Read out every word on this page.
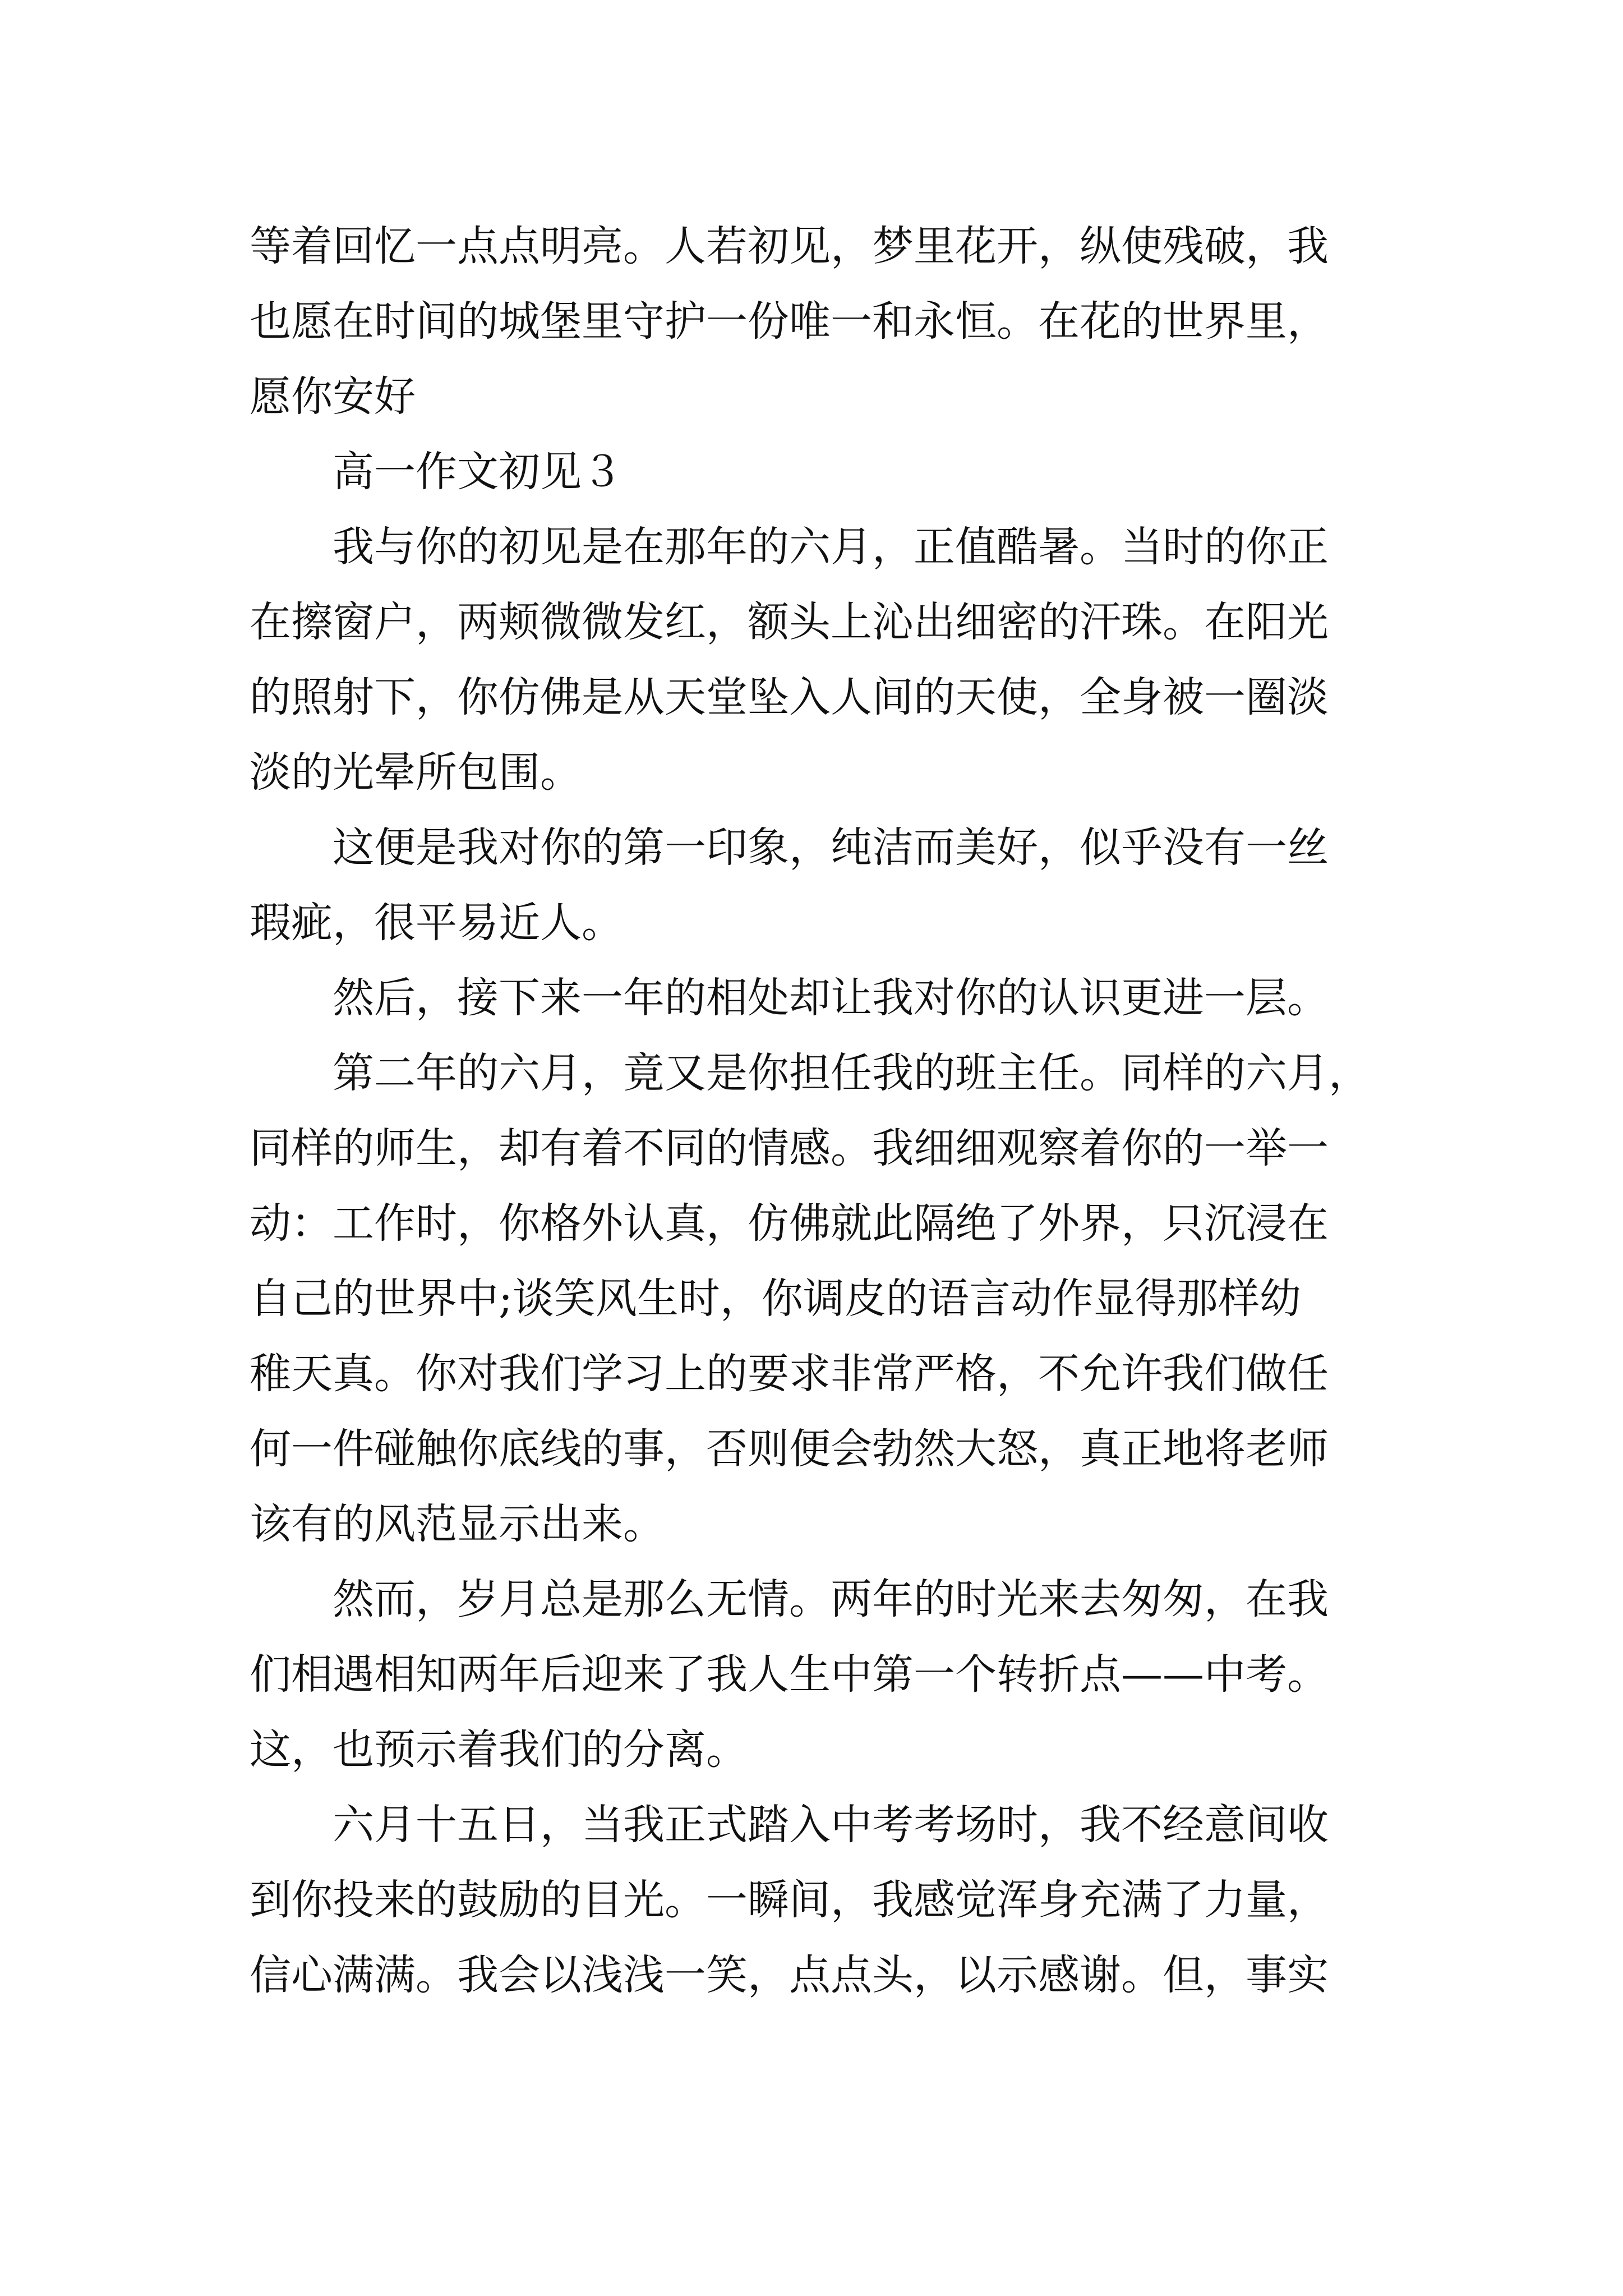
等着回忆一点点明亮。人若初见，梦里花开，纵使残破，我
也愿在时间的城堡里守护一份唯一和永恒。在花的世界里，
愿你安好
　　高一作文初见３
　　我与你的初见是在那年的六月，正值酷暑。当时的你正
在擦窗户，两颊微微发红，额头上沁出细密的汗珠。在阳光
的照射下，你仿佛是从天堂坠入人间的天使，全身被一圈淡
淡的光晕所包围。
　　这便是我对你的第一印象，纯洁而美好，似乎没有一丝
瑕疵，很平易近人。
　　然后，接下来一年的相处却让我对你的认识更进一层。
　　第二年的六月，竟又是你担任我的班主任。同样的六月，
同样的师生，却有着不同的情感。我细细观察着你的一举一
动：工作时，你格外认真，仿佛就此隔绝了外界，只沉浸在
自己的世界中;谈笑风生时，你调皮的语言动作显得那样幼
稚天真。你对我们学习上的要求非常严格，不允许我们做任
何一件碰触你底线的事，否则便会勃然大怒，真正地将老师
该有的风范显示出来。
　　然而，岁月总是那么无情。两年的时光来去匆匆，在我
们相遇相知两年后迎来了我人生中第一个转折点——中考。
这，也预示着我们的分离。
　　六月十五日，当我正式踏入中考考场时，我不经意间收
到你投来的鼓励的目光。一瞬间，我感觉浑身充满了力量，
信心满满。我会以浅浅一笑，点点头，以示感谢。但，事实
